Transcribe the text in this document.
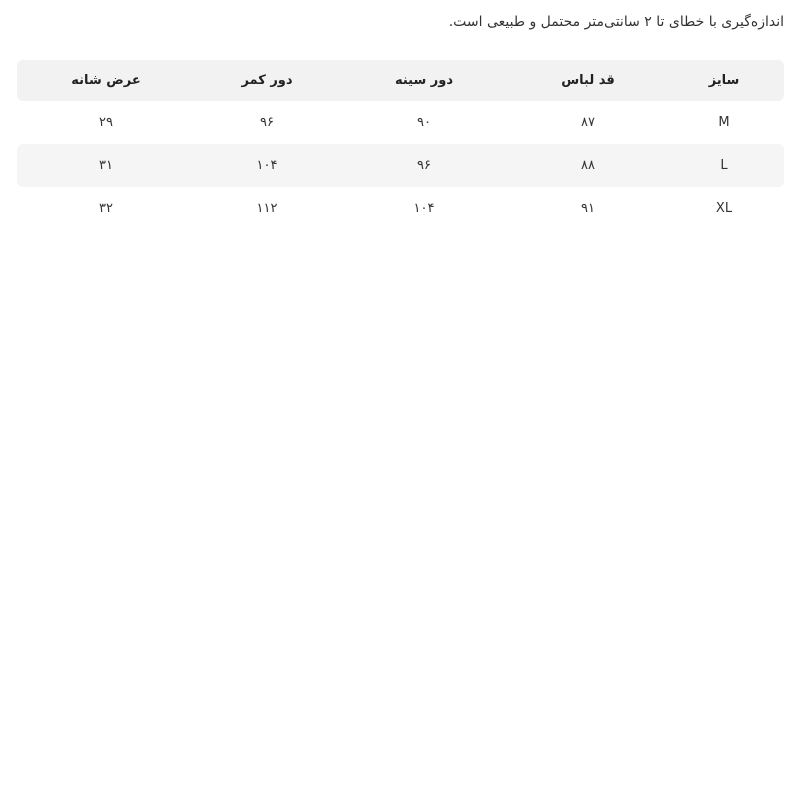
اندازه‌گیری با خطای تا ۲ سانتی‌متر محتمل و طبیعی است.
سایز
قد لباس
دور سینه
دور کمر
عرض شانه
M
۸۷
۹۰
۹۶
۲۹
L
۸۸
۹۶
۱۰۴
۳۱
XL
۹۱
۱۰۴
۱۱۲
۳۲
